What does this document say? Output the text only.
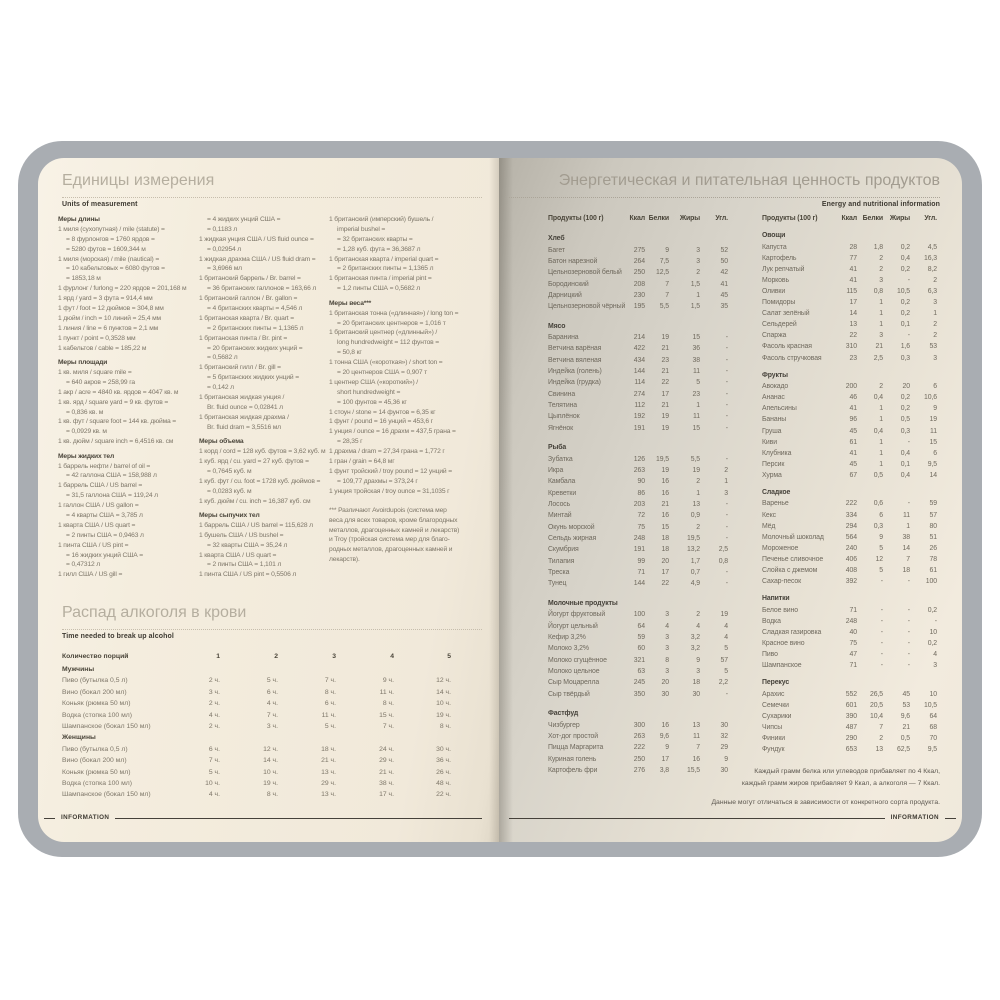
Единицы измерения
Units of measurement
Меры длины
1 миля (сухопутная) / mile (statute) =
= 8 фурлонгов = 1760 ярдов =
= 5280 футов = 1609,344 м
1 миля (морская) / mile (nautical) =
= 10 кабельтовых = 6080 футов =
= 1853,18 м
1 фурлонг / furlong = 220 ярдов = 201,168 м
1 ярд / yard = 3 фута = 914,4 мм
1 фут / foot = 12 дюймов = 304,8 мм
1 дюйм / inch = 10 линий = 25,4 мм
1 линия / line = 6 пунктов = 2,1 мм
1 пункт / point = 0,3528 мм
1 кабельтов / cable = 185,22 м
Меры площади
1 кв. миля / square mile =
= 640 акров = 258,99 га
1 акр / acre = 4840 кв. ярдов = 4047 кв. м
1 кв. ярд / square yard = 9 кв. футов =
= 0,836 кв. м
1 кв. фут / square foot = 144 кв. дюйма =
= 0,0929 кв. м
1 кв. дюйм / square inch = 6,4516 кв. см
Меры жидких тел
1 баррель нефти / barrel of oil =
= 42 галлона США = 158,988 л
1 баррель США / US barrel =
= 31,5 галлона США = 119,24 л
1 галлон США / US gallon =
= 4 кварты США = 3,785 л
1 кварта США / US quart =
= 2 пинты США = 0,9463 л
1 пинта США / US pint =
= 16 жидких унций США =
= 0,47312 л
1 гилл США / US gill =
= 4 жидких унций США =
= 0,1183 л
1 жидкая унция США / US fluid ounce =
= 0,02954 л
1 жидкая драхма США / US fluid dram =
= 3,6966 мл
1 британский баррель / Br. barrel =
= 36 британских галлонов = 163,66 л
1 британский галлон / Br. gallon =
= 4 британских кварты = 4,546 л
1 британская кварта / Br. quart =
= 2 британских пинты = 1,1365 л
1 британская пинта / Br. pint =
= 20 британских жидких унций =
= 0,5682 л
1 британский гилл / Br. gill =
= 5 британских жидких унций =
= 0,142 л
1 британская жидкая унция /
Br. fluid ounce = 0,02841 л
1 британская жидкая драхма /
Br. fluid dram = 3,5516 мл
Меры объема
1 корд / cord = 128 куб. футов = 3,62 куб. м
1 куб. ярд / cu. yard = 27 куб. футов =
= 0,7645 куб. м
1 куб. фут / cu. foot = 1728 куб. дюймов =
= 0,0283 куб. м
1 куб. дюйм / cu. inch = 16,387 куб. см
Меры сыпучих тел
1 баррель США / US barrel = 115,628 л
1 бушель США / US bushel =
= 32 кварты США = 35,24 л
1 кварта США / US quart =
= 2 пинты США = 1,101 л
1 пинта США / US pint = 0,5506 л
1 британский (имперский) бушель /
imperial bushel =
= 32 британских кварты =
= 1,28 куб. фута = 36,3687 л
1 британская кварта / imperial quart =
= 2 британских пинты = 1,1365 л
1 британская пинта / imperial pint =
= 1,2 пинты США = 0,5682 л
Меры веса***
1 британская тонна («длинная») / long ton =
= 20 британских центнеров = 1,016 т
1 британский центнер («длинный») /
long hundredweight = 112 фунтов =
= 50,8 кг
1 тонна США («короткая») / short ton =
= 20 центнеров США = 0,907 т
1 центнер США («короткий») /
short hundredweight =
= 100 фунтов = 45,36 кг
1 стоун / stone = 14 фунтов = 6,35 кг
1 фунт / pound = 16 унций = 453,6 г
1 унция / ounce = 16 драхм = 437,5 грана =
= 28,35 г
1 драхма / dram = 27,34 грана = 1,772 г
1 гран / grain = 64,8 мг
1 фунт тройский / troy pound = 12 унций =
= 109,77 драхмы = 373,24 г
1 унция тройская / troy ounce = 31,1035 г
*** Различают Avoirdupois (система мер
веса для всех товаров, кроме благородных
металлов, драгоценных камней и лекарств)
и Troy (тройская система мер для благо-
родных металлов, драгоценных камней и
лекарств).
Распад алкоголя в крови
Time needed to break up alcohol
Количество порций	1	2	3	4	5
Мужчины
Пиво (бутылка 0,5 л)	2 ч.	5 ч.	7 ч.	9 ч.	12 ч.
Вино (бокал 200 мл)	3 ч.	6 ч.	8 ч.	11 ч.	14 ч.
Коньяк (рюмка 50 мл)	2 ч.	4 ч.	6 ч.	8 ч.	10 ч.
Водка (стопка 100 мл)	4 ч.	7 ч.	11 ч.	15 ч.	19 ч.
Шампанское (бокал 150 мл)	2 ч.	3 ч.	5 ч.	7 ч.	8 ч.
Женщины
Пиво (бутылка 0,5 л)	6 ч.	12 ч.	18 ч.	24 ч.	30 ч.
Вино (бокал 200 мл)	7 ч.	14 ч.	21 ч.	29 ч.	36 ч.
Коньяк (рюмка 50 мл)	5 ч.	10 ч.	13 ч.	21 ч.	26 ч.
Водка (стопка 100 мл)	10 ч.	19 ч.	29 ч.	38 ч.	48 ч.
Шампанское (бокал 150 мл)	4 ч.	8 ч.	13 ч.	17 ч.	22 ч.
INFORMATION
Энергетическая и питательная ценность продуктов
Energy and nutritional information
Продукты (100 г)	Ккал Белки	Жиры	Угл.
Хлеб
Багет	275	9	3	52
Батон нарезной	264	7,5	3	50
Цельнозерновой белый	250	12,5	2	42
Бородинский	208	7	1,5	41
Дарницкий	230	7	1	45
Цельнозерновой чёрный	195	5,5	1,5	35
Мясо
Баранина	214	19	15	-
Ветчина варёная	422	21	36	-
Ветчина вяленая	434	23	38	-
Индейка (голень)	144	21	11	-
Индейка (грудка)	114	22	5	-
Свинина	274	17	23	-
Телятина	112	21	1	-
Цыплёнок	192	19	11	-
Ягнёнок	191	19	15	-
Рыба
Зубатка	126	19,5	5,5	-
Икра	263	19	19	2
Камбала	90	16	2	1
Креветки	86	16	1	3
Лосось	203	21	13	-
Минтай	72	16	0,9	-
Окунь морской	75	15	2	-
Сельдь жирная	248	18	19,5	-
Скумбрия	191	18	13,2	2,5
Тилапия	99	20	1,7	0,8
Треска	71	17	0,7	-
Тунец	144	22	4,9	-
Молочные продукты
Йогурт фруктовый	100	3	2	19
Йогурт цельный	64	4	4	4
Кефир 3,2%	59	3	3,2	4
Молоко 3,2%	60	3	3,2	5
Молоко сгущённое	321	8	9	57
Молоко цельное	63	3	3	5
Сыр Моцарелла	245	20	18	2,2
Сыр твёрдый	350	30	30	-
Фастфуд
Чизбургер	300	16	13	30
Хот-дог простой	263	9,6	11	32
Пицца Маргарита	222	9	7	29
Куриная голень	250	17	16	9
Картофель фри	276	3,8	15,5	30
Продукты (100 г)	Ккал Белки Жиры	Угл.
Овощи
Капуста	28	1,8	0,2	4,5
Картофель	77	2	0,4	16,3
Лук репчатый	41	2	0,2	8,2
Морковь	41	3	-	2
Оливки	115	0,8	10,5	6,3
Помидоры	17	1	0,2	3
Салат зелёный	14	1	0,2	1
Сельдерей	13	1	0,1	2
Спаржа	22	3	-	2
Фасоль красная	310	21	1,6	53
Фасоль стручковая	23	2,5	0,3	3
Фрукты
Авокадо	200	2	20	6
Ананас	46	0,4	0,2	10,6
Апельсины	41	1	0,2	9
Бананы	96	1	0,5	19
Груша	45	0,4	0,3	11
Киви	61	1	-	15
Клубника	41	1	0,4	6
Персик	45	1	0,1	9,5
Хурма	67	0,5	0,4	14
Сладкое
Варенье	222	0,6	-	59
Кекс	334	6	11	57
Мёд	294	0,3	1	80
Молочный шоколад	564	9	38	51
Мороженое	240	5	14	26
Печенье сливочное	406	12	7	78
Слойка с джемом	408	5	18	61
Сахар-песок	392	-	-	100
Напитки
Белое вино	71	-	-	0,2
Водка	248	-	-	-
Сладкая газировка	40	-	-	10
Красное вино	75	-	-	0,2
Пиво	47	-	-	4
Шампанское	71	-	-	3
Перекус
Арахис	552	26,5	45	10
Семечки	601	20,5	53	10,5
Сухарики	390	10,4	9,6	64
Чипсы	487	7	21	68
Финики	290	2	0,5	70
Фундук	653	13	62,5	9,5
Каждый грамм белка или углеводов прибавляет по 4 Ккал,
каждый грамм жиров прибавляет 9 Ккал, а алкоголя — 7 Ккал.
Данные могут отличаться в зависимости от конкретного сорта продукта.
INFORMATION
